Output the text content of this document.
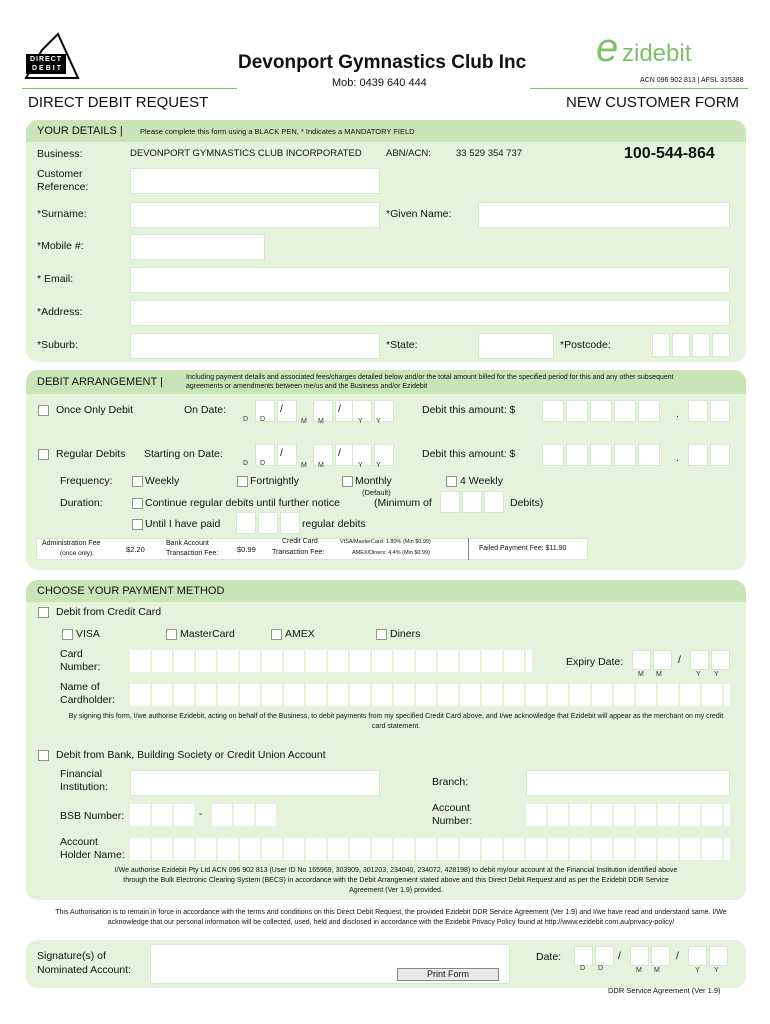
DIRECT
DEBIT	Devonport Gymnastics Club Inc
Mob: 0439 640 444
e zidebit
ACN 096 902 813 | AFSL 315388
DIRECT DEBIT REQUEST	NEW CUSTOMER FORM
YOUR DETAILS | Please complete this form using a BLACK PEN, * Indicates a MANDATORY FIELD
Business:	DEVONPORT GYMNASTICS CLUB INCORPORATED	ABN/ACN:	33 529 354 737	100-544-864
Customer Reference:
*Surname:	*Given Name:
*Mobile #:
* Email:
*Address:
*Suburb:	*State:	*Postcode:
DEBIT ARRANGEMENT |	Including payment details and associated fees/charges detailed below and/or the total amount billed for the specified period for this and any other subsequent agreements or amendments between me/us and the Business and/or Ezidebit
Once Only Debit	On Date:	/	/
D D	M M	Y Y
Debit this amount: $	.
Regular Debits Starting on Date:	/	/
D D	M M	Y Y
Debit this amount: $	.
Frequency:	Weekly	Fortnightly	Monthly
(Default)
4 Weekly
Duration:	Continue regular debits until further notice	(Minimum of	Debits)
Until I have paid	regular debits
Administration Fee
(once only):	$2.20
Bank Account
Transaction Fee: $0.99
Credit Card
Transaction Fee:
VISA/MasterCard: 1.80% (Min $0.99)
AMEX/Diners: 4.4% (Min $0.99)
Failed Payment Fee: $11.90
CHOOSE YOUR PAYMENT METHOD
Debit from Credit Card
VISA	MasterCard	AMEX	Diners
Card Number:	Expiry Date:	/
M M	Y Y
Name of Cardholder:
By signing this form, I/we authorise Ezidebit, acting on behalf of the Business, to debit payments from my specified Credit Card above, and I/we acknowledge that Ezidebit will appear as the merchant on my credit card statement.
Debit from Bank, Building Society or Credit Union Account
Financial Institution:	Branch:
BSB Number:	-	Account Number:
Account Holder Name:
I/We authorise Ezidebit Pty Ltd ACN 096 902 813 (User ID No 165969, 303909, 301203, 234040, 234072, 428198) to debit my/our account at the Financial Institution identified above through the Bulk Electronic Clearing System (BECS) in accordance with the Debit Arrangement stated above and this Direct Debit Request and as per the Ezidebit DDR Service Agreement (Ver 1.9) provided.
This Authorisation is to remain in force in accordance with the terms and conditions on this Direct Debit Request, the provided Ezidebit DDR Service Agreement (Ver 1.9) and I/we have read and understand same. I/We acknowledge that our personal information will be collected, used, held and disclosed in accordance with the Ezidebit Privacy Policy found at http://www.ezidebit.com.au/privacy-policy/
Signature(s) of Nominated Account:	Print Form
Date:	/	/
D D	M M	Y Y
DDR Service Agreement (Ver 1.9)
